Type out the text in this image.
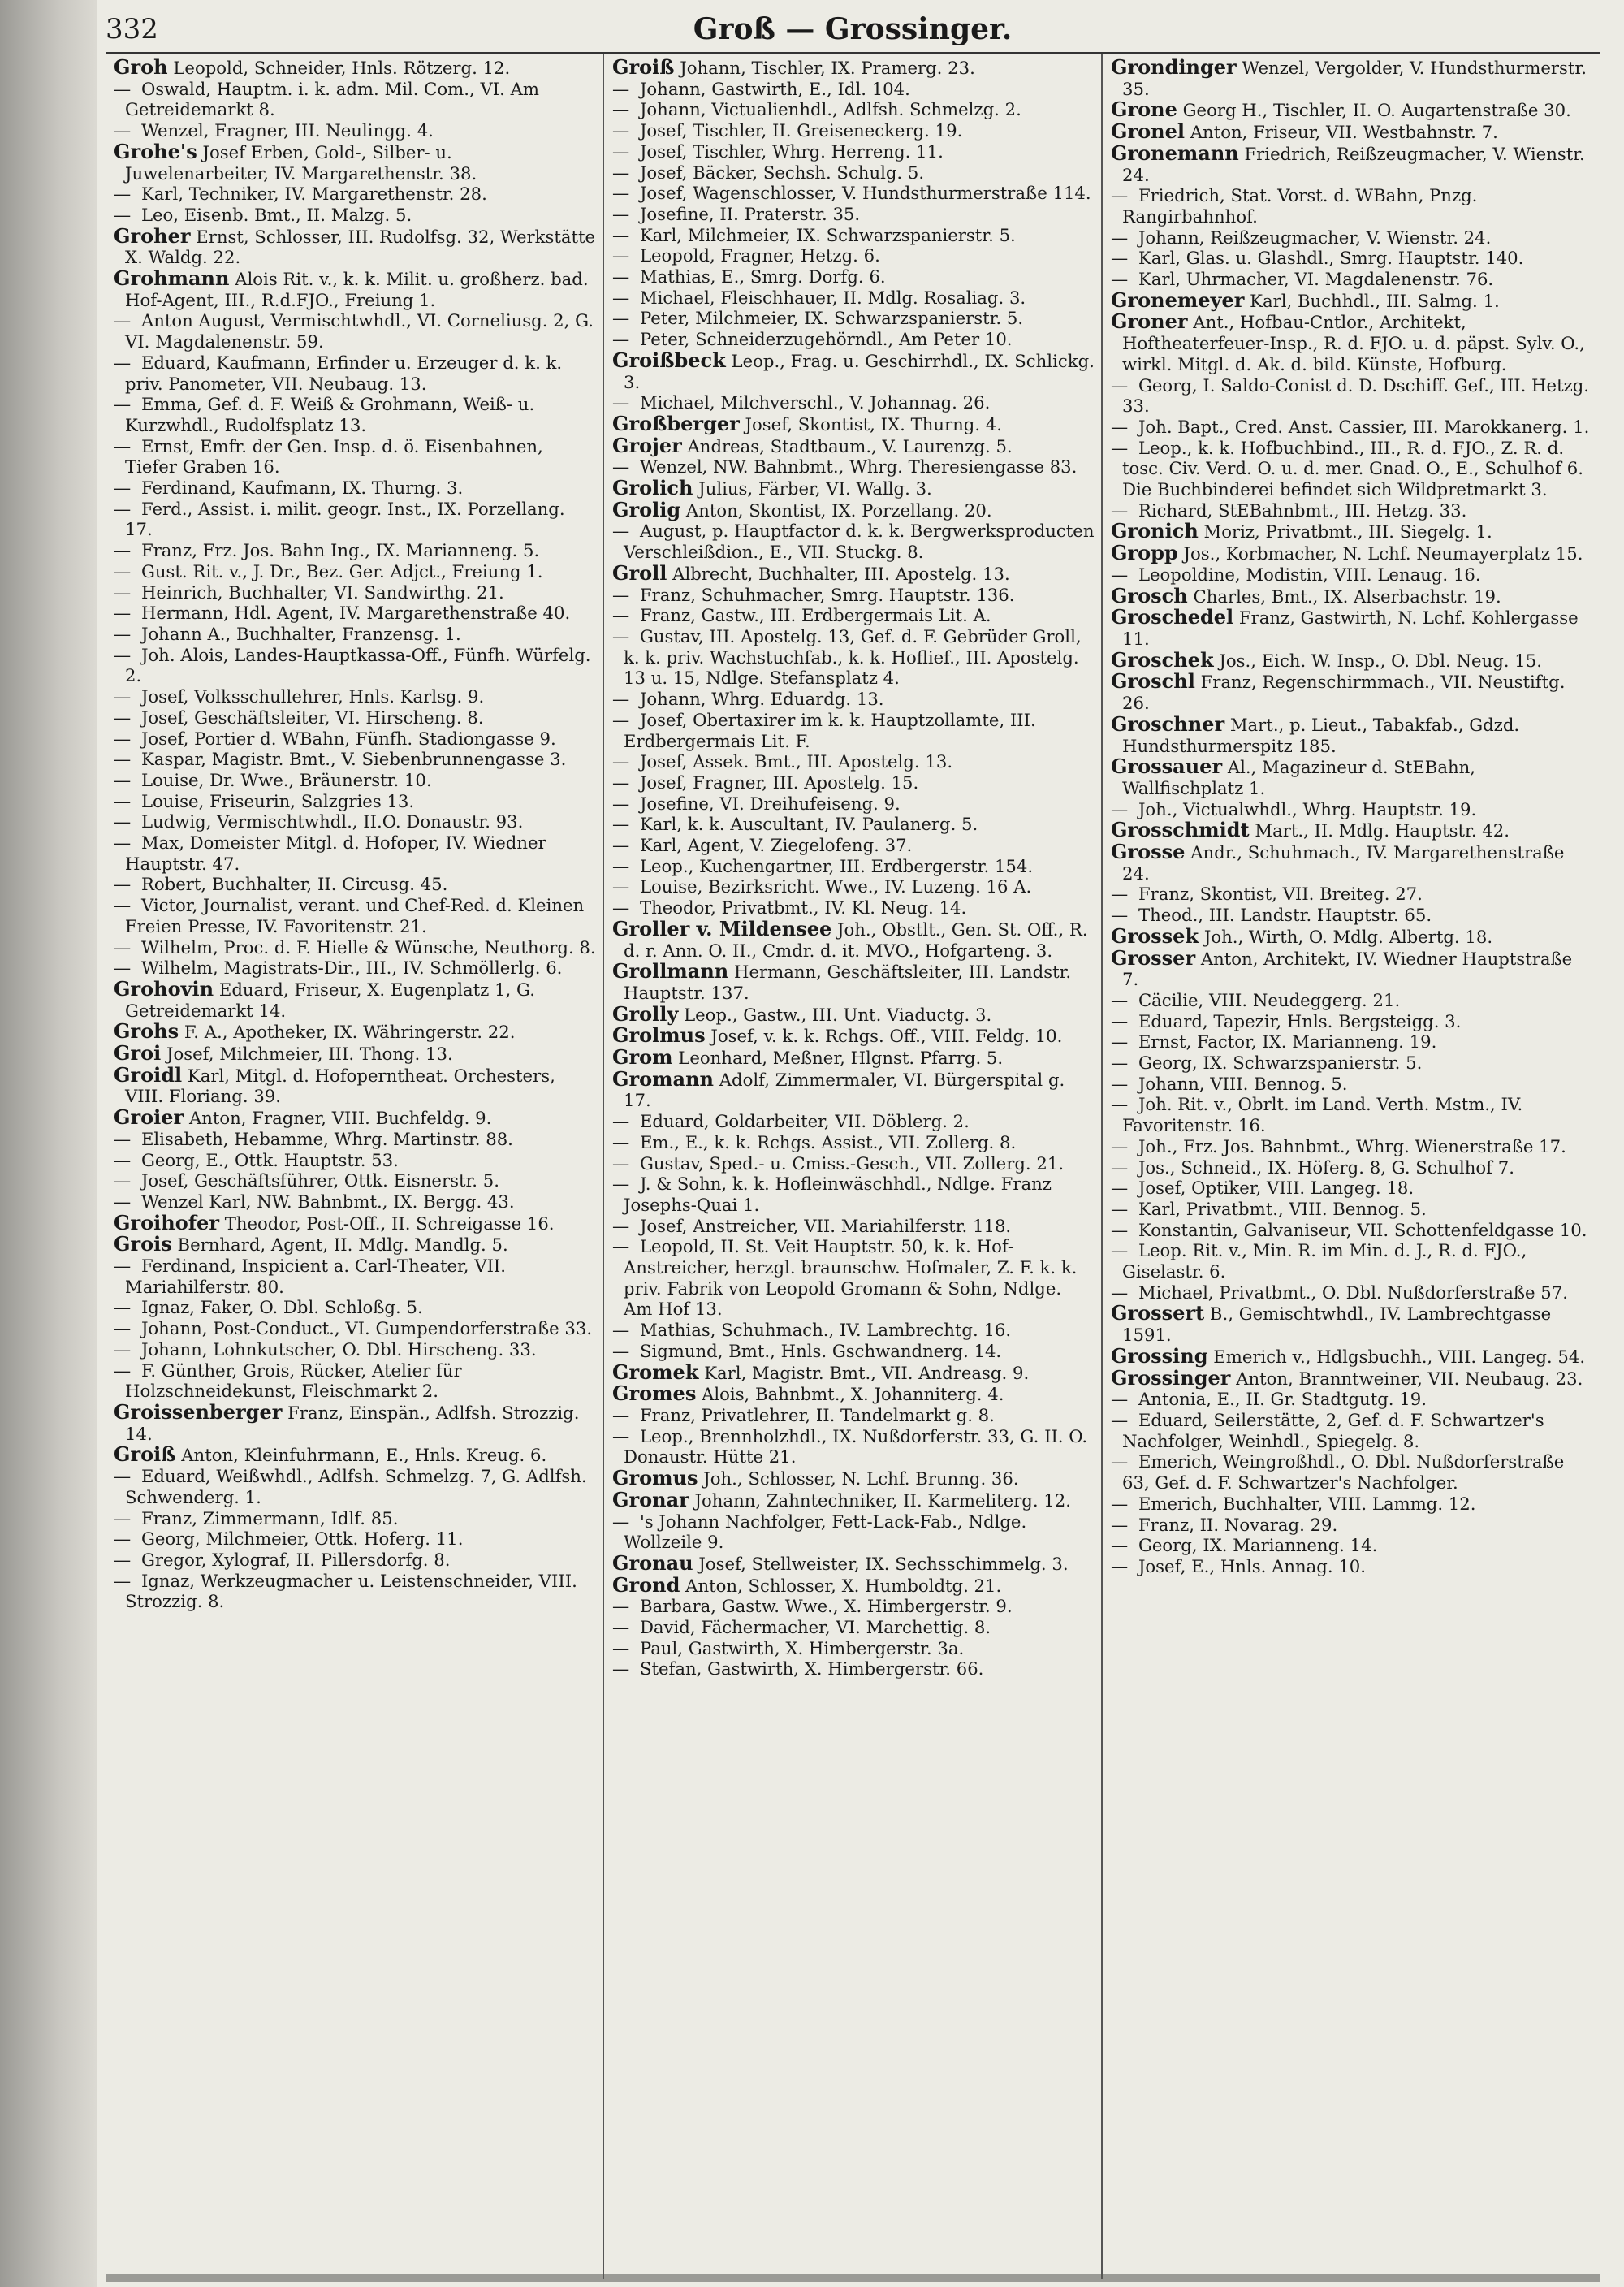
332	Groß — Grossinger.

Groh Leopold, Schneider, Hnls. Rötzerg. 12.

— Oswald, Hauptm. i. k. adm. Mil. Com., VI. Am Getreidemarkt 8.

— Wenzel, Fragner, III. Neulingg. 4.

Grohe's Josef Erben, Gold-, Silber- u. Juwelenarbeiter, IV. Margarethenstr. 38.

— Karl, Techniker, IV. Margarethenstr. 28.

— Leo, Eisenb. Bmt., II. Malzg. 5.

Groher Ernst, Schlosser, III. Rudolfsg. 32, Werkstätte X. Waldg. 22.

Grohmann Alois Rit. v., k. k. Milit. u. großherz. bad. Hof-Agent, III., R.d.FJO., Freiung 1.

— Anton August, Vermischtwhdl., VI. Corneliusg. 2, G. VI. Magdalenenstr. 59.

— Eduard, Kaufmann, Erfinder u. Erzeuger d. k. k. priv. Panometer, VII. Neubaug. 13.

— Emma, Gef. d. F. Weiß & Grohmann, Weiß- u. Kurzwhdl., Rudolfsplatz 13.

— Ernst, Emfr. der Gen. Insp. d. ö. Eisenbahnen, Tiefer Graben 16.

— Ferdinand, Kaufmann, IX. Thurng. 3.

— Ferd., Assist. i. milit. geogr. Inst., IX. Porzellang. 17.

— Franz, Frz. Jos. Bahn Ing., IX. Marianneng. 5.

— Gust. Rit. v., J. Dr., Bez. Ger. Adjct., Freiung 1.

— Heinrich, Buchhalter, VI. Sandwirthg. 21.

— Hermann, Hdl. Agent, IV. Margarethenstraße 40.

— Johann A., Buchhalter, Franzensg. 1.

— Joh. Alois, Landes-Hauptkassa-Off., Fünfh. Würfelg. 2.

— Josef, Volksschullehrer, Hnls. Karlsg. 9.

— Josef, Geschäftsleiter, VI. Hirscheng. 8.

— Josef, Portier d. WBahn, Fünfh. Stadiongasse 9.

— Kaspar, Magistr. Bmt., V. Siebenbrunnengasse 3.

— Louise, Dr. Wwe., Bräunerstr. 10.

— Louise, Friseurin, Salzgries 13.

— Ludwig, Vermischtwhdl., II.O. Donaustr. 93.

— Max, Domeister Mitgl. d. Hofoper, IV. Wiedner Hauptstr. 47.

— Robert, Buchhalter, II. Circusg. 45.

— Victor, Journalist, verant. und Chef-Red. d. Kleinen Freien Presse, IV. Favoritenstr. 21.

— Wilhelm, Proc. d. F. Hielle & Wünsche, Neuthorg. 8.

— Wilhelm, Magistrats-Dir., III., IV. Schmöllerlg. 6.

Grohovin Eduard, Friseur, X. Eugenplatz 1, G. Getreidemarkt 14.

Grohs F. A., Apotheker, IX. Währingerstr. 22.

Groi Josef, Milchmeier, III. Thong. 13.

Groidl Karl, Mitgl. d. Hofoperntheat. Orchesters, VIII. Floriang. 39.

Groier Anton, Fragner, VIII. Buchfeldg. 9.

— Elisabeth, Hebamme, Whrg. Martinstr. 88.

— Georg, E., Ottk. Hauptstr. 53.

— Josef, Geschäftsführer, Ottk. Eisnerstr. 5.

— Wenzel Karl, NW. Bahnbmt., IX. Bergg. 43.

Groihofer Theodor, Post-Off., II. Schreigasse 16.

Grois Bernhard, Agent, II. Mdlg. Mandlg. 5.

— Ferdinand, Inspicient a. Carl-Theater, VII. Mariahilferstr. 80.

— Ignaz, Faker, O. Dbl. Schloßg. 5.

— Johann, Post-Conduct., VI. Gumpendorferstraße 33.

— Johann, Lohnkutscher, O. Dbl. Hirscheng. 33.

— F. Günther, Grois, Rücker, Atelier für Holzschneidekunst, Fleischmarkt 2.

Groissenberger Franz, Einspän., Adlfsh. Strozzig. 14.

Groiß Anton, Kleinfuhrmann, E., Hnls. Kreug. 6.

— Eduard, Weißwhdl., Adlfsh. Schmelzg. 7, G. Adlfsh. Schwenderg. 1.

— Franz, Zimmermann, Idlf. 85.

— Georg, Milchmeier, Ottk. Hoferg. 11.

— Gregor, Xylograf, II. Pillersdorfg. 8.

— Ignaz, Werkzeugmacher u. Leistenschneider, VIII. Strozzig. 8.

Groiß Johann, Tischler, IX. Pramerg. 23.

— Johann, Gastwirth, E., Idl. 104.

— Johann, Victualienhdl., Adlfsh. Schmelzg. 2.

— Josef, Tischler, II. Greiseneckerg. 19.

— Josef, Tischler, Whrg. Herreng. 11.

— Josef, Bäcker, Sechsh. Schulg. 5.

— Josef, Wagenschlosser, V. Hundsthurmerstraße 114.

— Josefine, II. Praterstr. 35.

— Karl, Milchmeier, IX. Schwarzspanierstr. 5.

— Leopold, Fragner, Hetzg. 6.

— Mathias, E., Smrg. Dorfg. 6.

— Michael, Fleischhauer, II. Mdlg. Rosaliag. 3.

— Peter, Milchmeier, IX. Schwarzspanierstr. 5.

— Peter, Schneiderzugehörndl., Am Peter 10.

Groißbeck Leop., Frag. u. Geschirrhdl., IX. Schlickg. 3.

— Michael, Milchverschl., V. Johannag. 26.

Großberger Josef, Skontist, IX. Thurng. 4.

Grojer Andreas, Stadtbaum., V. Laurenzg. 5.

— Wenzel, NW. Bahnbmt., Whrg. Theresiengasse 83.

Grolich Julius, Färber, VI. Wallg. 3.

Grolig Anton, Skontist, IX. Porzellang. 20.

— August, p. Hauptfactor d. k. k. Bergwerksproducten Verschleißdion., E., VII. Stuckg. 8.

Groll Albrecht, Buchhalter, III. Apostelg. 13.

— Franz, Schuhmacher, Smrg. Hauptstr. 136.

— Franz, Gastw., III. Erdbergermais Lit. A.

— Gustav, III. Apostelg. 13, Gef. d. F. Gebrüder Groll, k. k. priv. Wachstuchfab., k. k. Hoflief., III. Apostelg. 13 u. 15, Ndlge. Stefansplatz 4.

— Johann, Whrg. Eduardg. 13.

— Josef, Obertaxirer im k. k. Hauptzollamte, III. Erdbergermais Lit. F.

— Josef, Assek. Bmt., III. Apostelg. 13.

— Josef, Fragner, III. Apostelg. 15.

— Josefine, VI. Dreihufeiseng. 9.

— Karl, k. k. Auscultant, IV. Paulanerg. 5.

— Karl, Agent, V. Ziegelofeng. 37.

— Leop., Kuchengartner, III. Erdbergerstr. 154.

— Louise, Bezirksricht. Wwe., IV. Luzeng. 16 A.

— Theodor, Privatbmt., IV. Kl. Neug. 14.

Groller v. Mildensee Joh., Obstlt., Gen. St. Off., R. d. r. Ann. O. II., Cmdr. d. it. MVO., Hofgarteng. 3.

Grollmann Hermann, Geschäftsleiter, III. Landstr. Hauptstr. 137.

Grolly Leop., Gastw., III. Unt. Viaductg. 3.

Grolmus Josef, v. k. k. Rchgs. Off., VIII. Feldg. 10.

Grom Leonhard, Meßner, Hlgnst. Pfarrg. 5.

Gromann Adolf, Zimmermaler, VI. Bürgerspital g. 17.

— Eduard, Goldarbeiter, VII. Döblerg. 2.

— Em., E., k. k. Rchgs. Assist., VII. Zollerg. 8.

— Gustav, Sped.- u. Cmiss.-Gesch., VII. Zollerg. 21.

— J. & Sohn, k. k. Hofleinwäschhdl., Ndlge. Franz Josephs-Quai 1.

— Josef, Anstreicher, VII. Mariahilferstr. 118.

— Leopold, II. St. Veit Hauptstr. 50, k. k. Hof-Anstreicher, herzgl. braunschw. Hofmaler, Z. F. k. k. priv. Fabrik von Leopold Gromann & Sohn, Ndlge. Am Hof 13.

— Mathias, Schuhmach., IV. Lambrechtg. 16.

— Sigmund, Bmt., Hnls. Gschwandnerg. 14.

Gromek Karl, Magistr. Bmt., VII. Andreasg. 9.

Gromes Alois, Bahnbmt., X. Johanniterg. 4.

— Franz, Privatlehrer, II. Tandelmarkt g. 8.

— Leop., Brennholzhdl., IX. Nußdorferstr. 33, G. II. O. Donaustr. Hütte 21.

Gromus Joh., Schlosser, N. Lchf. Brunng. 36.

Gronar Johann, Zahntechniker, II. Karmeliterg. 12.

— 's Johann Nachfolger, Fett-Lack-Fab., Ndlge. Wollzeile 9.

Gronau Josef, Stellweister, IX. Sechsschimmelg. 3.

Grond Anton, Schlosser, X. Humboldtg. 21.

— Barbara, Gastw. Wwe., X. Himbergerstr. 9.

— David, Fächermacher, VI. Marchettig. 8.

— Paul, Gastwirth, X. Himbergerstr. 3a.

— Stefan, Gastwirth, X. Himbergerstr. 66.

Grondinger Wenzel, Vergolder, V. Hundsthurmerstr. 35.

Grone Georg H., Tischler, II. O. Augartenstraße 30.

Gronel Anton, Friseur, VII. Westbahnstr. 7.

Gronemann Friedrich, Reißzeugmacher, V. Wienstr. 24.

— Friedrich, Stat. Vorst. d. WBahn, Pnzg. Rangirbahnhof.

— Johann, Reißzeugmacher, V. Wienstr. 24.

— Karl, Glas. u. Glashdl., Smrg. Hauptstr. 140.

— Karl, Uhrmacher, VI. Magdalenenstr. 76.

Gronemeyer Karl, Buchhdl., III. Salmg. 1.

Groner Ant., Hofbau-Cntlor., Architekt, Hoftheaterfeuer-Insp., R. d. FJO. u. d. päpst. Sylv. O., wirkl. Mitgl. d. Ak. d. bild. Künste, Hofburg.

— Georg, I. Saldo-Conist d. D. Dschiff. Gef., III. Hetzg. 33.

— Joh. Bapt., Cred. Anst. Cassier, III. Marokkanerg. 1.

— Leop., k. k. Hofbuchbind., III., R. d. FJO., Z. R. d. tosc. Civ. Verd. O. u. d. mer. Gnad. O., E., Schulhof 6. Die Buchbinderei befindet sich Wildpretmarkt 3.

— Richard, StEBahnbmt., III. Hetzg. 33.

Gronich Moriz, Privatbmt., III. Siegelg. 1.

Gropp Jos., Korbmacher, N. Lchf. Neumayerplatz 15.

— Leopoldine, Modistin, VIII. Lenaug. 16.

Grosch Charles, Bmt., IX. Alserbachstr. 19.

Groschedel Franz, Gastwirth, N. Lchf. Kohlergasse 11.

Groschek Jos., Eich. W. Insp., O. Dbl. Neug. 15.

Groschl Franz, Regenschirmmach., VII. Neustiftg. 26.

Groschner Mart., p. Lieut., Tabakfab., Gdzd. Hundsthurmerspitz 185.

Grossauer Al., Magazineur d. StEBahn, Wallfischplatz 1.

— Joh., Victualwhdl., Whrg. Hauptstr. 19.

Grosschmidt Mart., II. Mdlg. Hauptstr. 42.

Grosse Andr., Schuhmach., IV. Margarethenstraße 24.

— Franz, Skontist, VII. Breiteg. 27.

— Theod., III. Landstr. Hauptstr. 65.

Grossek Joh., Wirth, O. Mdlg. Albertg. 18.

Grosser Anton, Architekt, IV. Wiedner Hauptstraße 7.

— Cäcilie, VIII. Neudeggerg. 21.

— Eduard, Tapezir, Hnls. Bergsteigg. 3.

— Ernst, Factor, IX. Marianneng. 19.

— Georg, IX. Schwarzspanierstr. 5.

— Johann, VIII. Bennog. 5.

— Joh. Rit. v., Obrlt. im Land. Verth. Mstm., IV. Favoritenstr. 16.

— Joh., Frz. Jos. Bahnbmt., Whrg. Wienerstraße 17.

— Jos., Schneid., IX. Höferg. 8, G. Schulhof 7.

— Josef, Optiker, VIII. Langeg. 18.

— Karl, Privatbmt., VIII. Bennog. 5.

— Konstantin, Galvaniseur, VII. Schottenfeldgasse 10.

— Leop. Rit. v., Min. R. im Min. d. J., R. d. FJO., Giselastr. 6.

— Michael, Privatbmt., O. Dbl. Nußdorferstraße 57.

Grossert B., Gemischtwhdl., IV. Lambrechtgasse 1591.

Grossing Emerich v., Hdlgsbuchh., VIII. Langeg. 54.

Grossinger Anton, Branntweiner, VII. Neubaug. 23.

— Antonia, E., II. Gr. Stadtgutg. 19.

— Eduard, Seilerstätte, 2, Gef. d. F. Schwartzer's Nachfolger, Weinhdl., Spiegelg. 8.

— Emerich, Weingroßhdl., O. Dbl. Nußdorferstraße 63, Gef. d. F. Schwartzer's Nachfolger.

— Emerich, Buchhalter, VIII. Lammg. 12.

— Franz, II. Novarag. 29.

— Georg, IX. Marianneng. 14.

— Josef, E., Hnls. Annag. 10.
